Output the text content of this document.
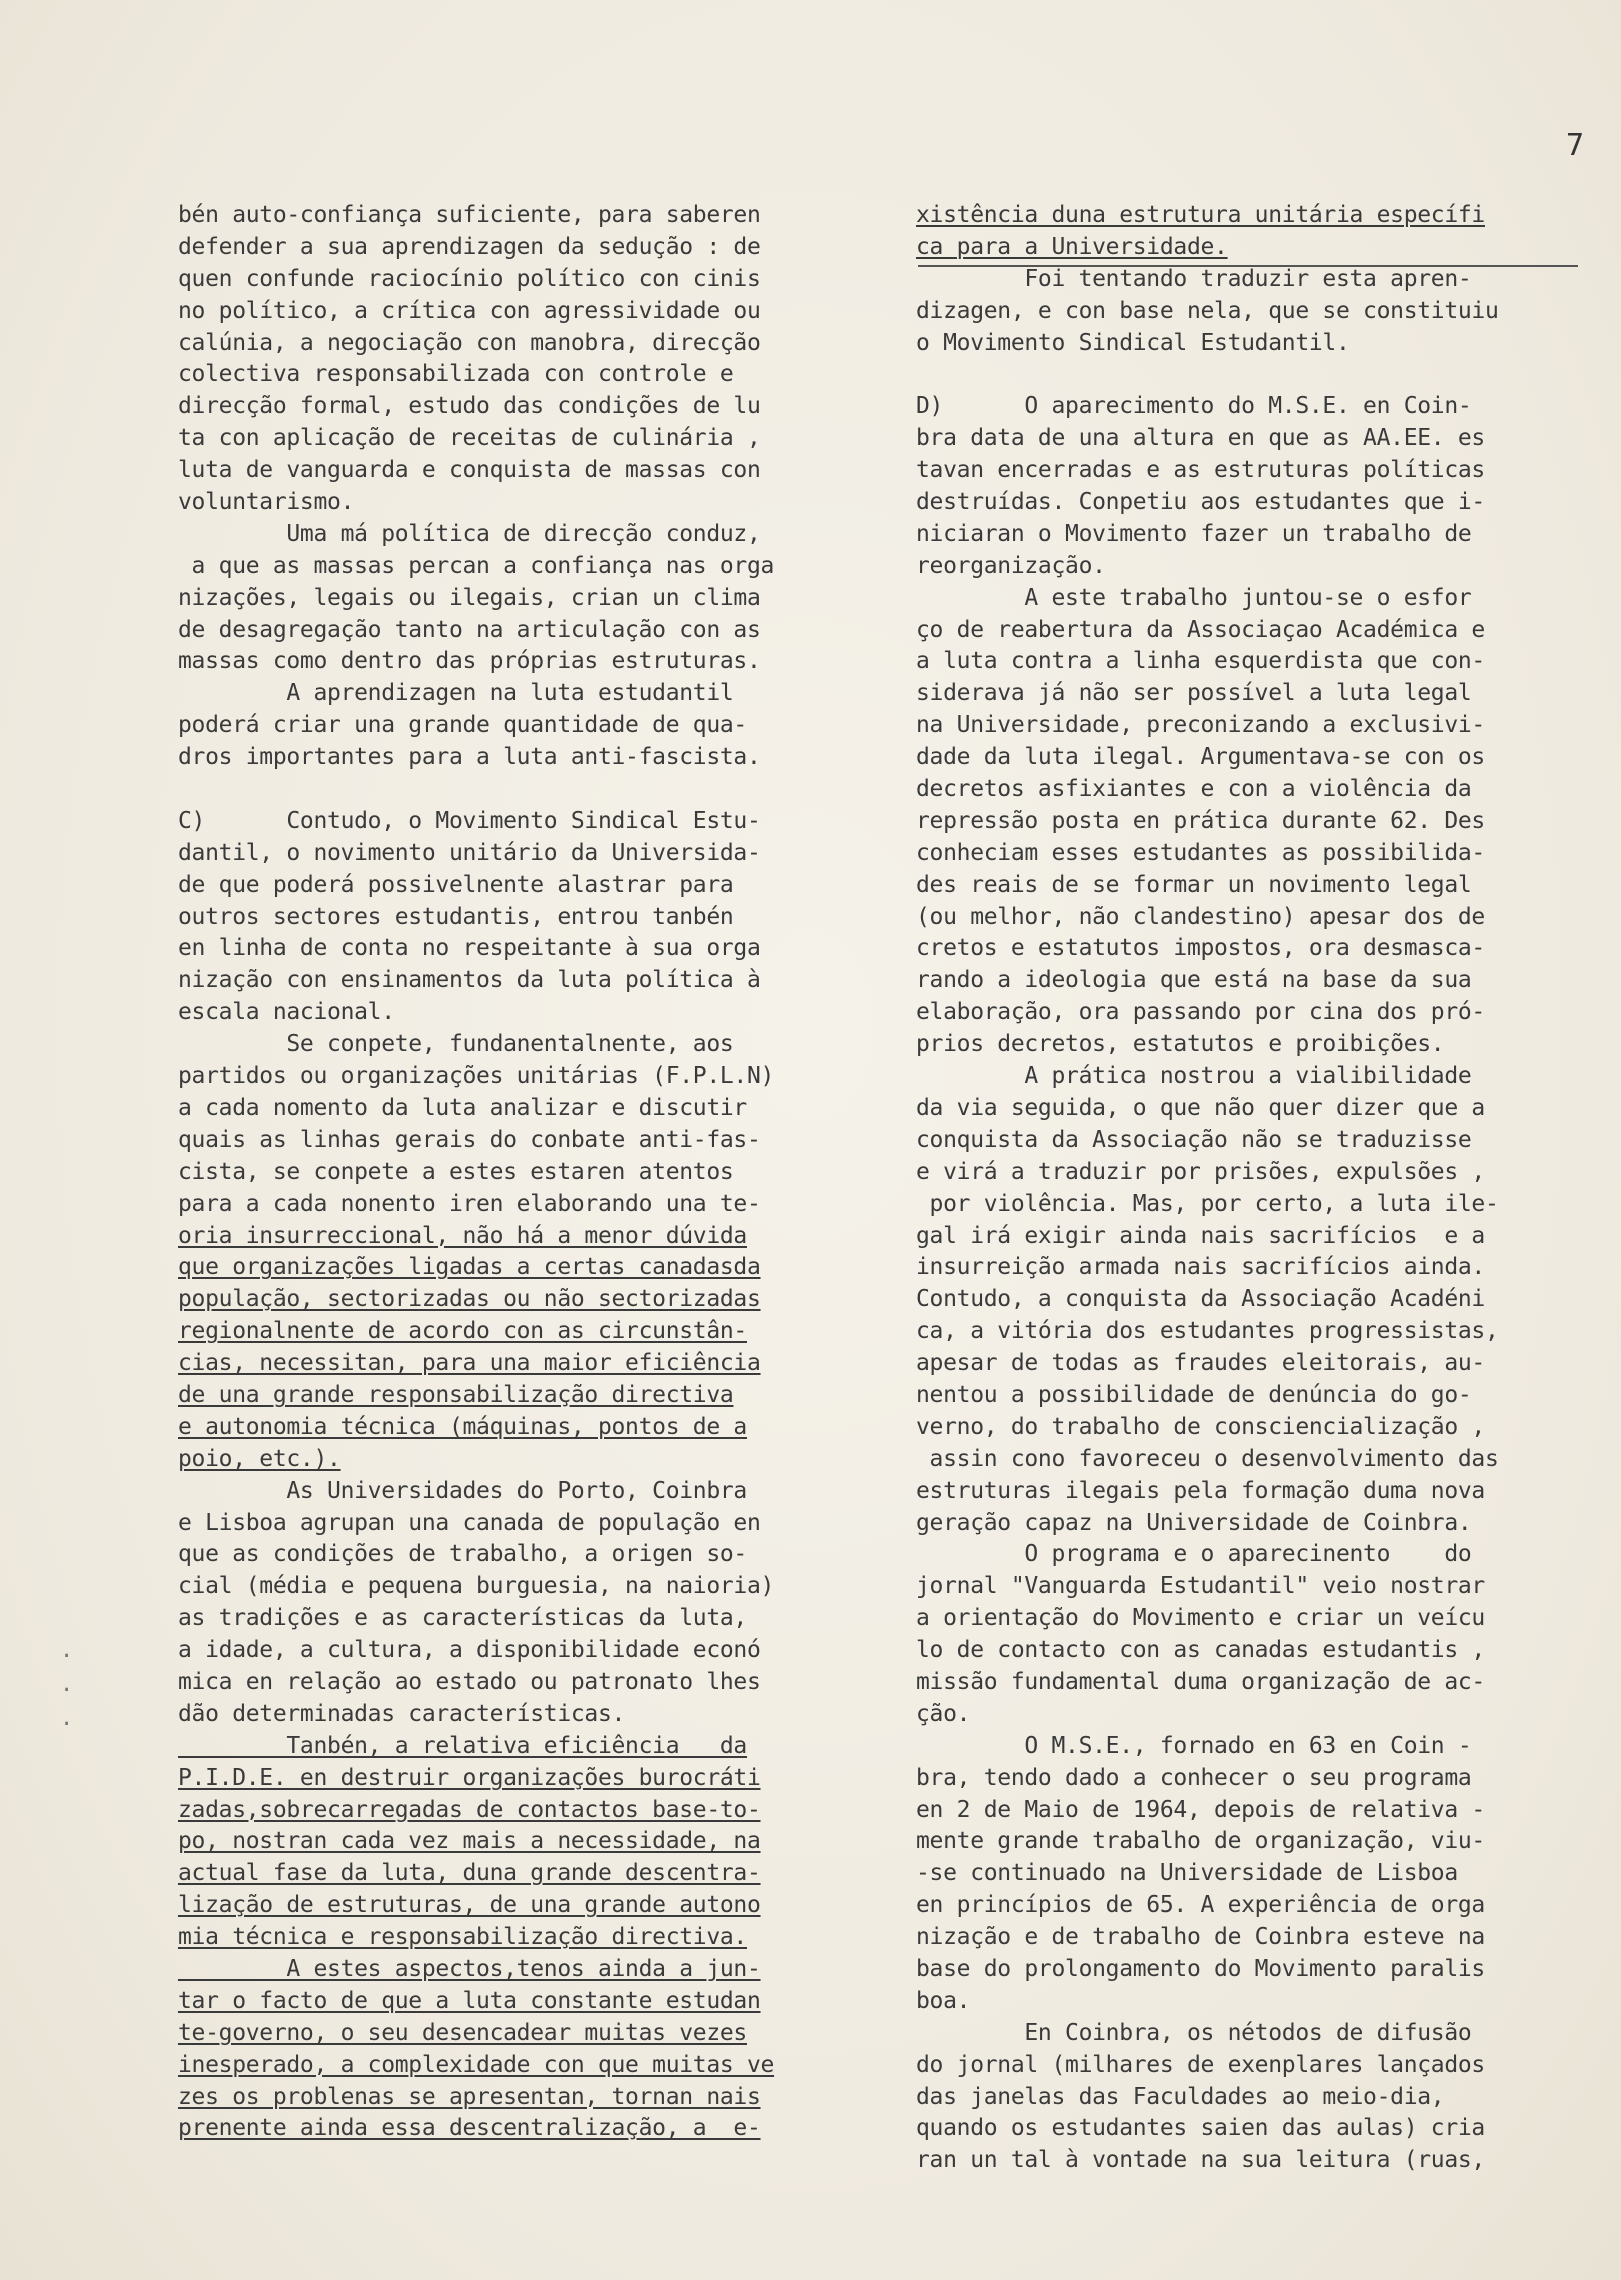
7
bén auto-confiança suficiente, para saberen
defender a sua aprendizagen da sedução : de
quen confunde raciocínio político con cinis
no político, a crítica con agressividade ou
calúnia, a negociação con manobra, direcção
colectiva responsabilizada con controle e
direcção formal, estudo das condições de lu
ta con aplicação de receitas de culinária ,
luta de vanguarda e conquista de massas con
voluntarismo.
Uma má política de direcção conduz,
a que as massas percan a confiança nas orga
nizações, legais ou ilegais, crian un clima
de desagregação tanto na articulação con as
massas como dentro das próprias estruturas.
A aprendizagen na luta estudantil
poderá criar una grande quantidade de qua-
dros importantes para a luta anti-fascista.
C)      Contudo, o Movimento Sindical Estu-
dantil, o novimento unitário da Universida-
de que poderá possivelnente alastrar para
outros sectores estudantis, entrou tanbén
en linha de conta no respeitante à sua orga
nização con ensinamentos da luta política à
escala nacional.
Se conpete, fundanentalnente, aos
partidos ou organizações unitárias (F.P.L.N)
a cada nomento da luta analizar e discutir
quais as linhas gerais do conbate anti-fas-
cista, se conpete a estes estaren atentos
para a cada nonento iren elaborando una te-
oria insurreccional, não há a menor dúvida
que organizações ligadas a certas canadasda
população, sectorizadas ou não sectorizadas
regionalnente de acordo con as circunstân-
cias, necessitan, para una maior eficiência
de una grande responsabilização directiva
e autonomia técnica (máquinas, pontos de a
poio, etc.).
As Universidades do Porto, Coinbra
e Lisboa agrupan una canada de população en
que as condições de trabalho, a origen so-
cial (média e pequena burguesia, na naioria)
as tradições e as características da luta,
a idade, a cultura, a disponibilidade econó
mica en relação ao estado ou patronato lhes
dão determinadas características.
Tanbén, a relativa eficiência   da
P.I.D.E. en destruir organizações burocráti
zadas,sobrecarregadas de contactos base-to-
po, nostran cada vez mais a necessidade, na
actual fase da luta, duna grande descentra-
lização de estruturas, de una grande autono
mia técnica e responsabilização directiva.
A estes aspectos,tenos ainda a jun-
tar o facto de que a luta constante estudan
te-governo, o seu desencadear muitas vezes
inesperado, a complexidade con que muitas ve
zes os problenas se apresentan, tornan nais
prenente ainda essa descentralização, a  e-
xistência duna estrutura unitária específi
ca para a Universidade.
Foi tentando traduzir esta apren-
dizagen, e con base nela, que se constituiu
o Movimento Sindical Estudantil.
D)      O aparecimento do M.S.E. en Coin-
bra data de una altura en que as AA.EE. es
tavan encerradas e as estruturas políticas
destruídas. Conpetiu aos estudantes que i-
niciaran o Movimento fazer un trabalho de
reorganização.
A este trabalho juntou-se o esfor
ço de reabertura da Associaçao Académica e
a luta contra a linha esquerdista que con-
siderava já não ser possível a luta legal
na Universidade, preconizando a exclusivi-
dade da luta ilegal. Argumentava-se con os
decretos asfixiantes e con a violência da
repressão posta en prática durante 62. Des
conheciam esses estudantes as possibilida-
des reais de se formar un novimento legal
(ou melhor, não clandestino) apesar dos de
cretos e estatutos impostos, ora desmasca-
rando a ideologia que está na base da sua
elaboração, ora passando por cina dos pró-
prios decretos, estatutos e proibições.
A prática nostrou a vialibilidade
da via seguida, o que não quer dizer que a
conquista da Associação não se traduzisse
e virá a traduzir por prisões, expulsões ,
por violência. Mas, por certo, a luta ile-
gal irá exigir ainda nais sacrifícios  e a
insurreição armada nais sacrifícios ainda.
Contudo, a conquista da Associação Acadéni
ca, a vitória dos estudantes progressistas,
apesar de todas as fraudes eleitorais, au-
nentou a possibilidade de denúncia do go-
verno, do trabalho de consciencialização ,
assin cono favoreceu o desenvolvimento das
estruturas ilegais pela formação duma nova
geração capaz na Universidade de Coinbra.
O programa e o aparecinento    do
jornal "Vanguarda Estudantil" veio nostrar
a orientação do Movimento e criar un veícu
lo de contacto con as canadas estudantis ,
missão fundamental duma organização de ac-
ção.
O M.S.E., fornado en 63 en Coin -
bra, tendo dado a conhecer o seu programa
en 2 de Maio de 1964, depois de relativa -
mente grande trabalho de organização, viu-
-se continuado na Universidade de Lisboa
en princípios de 65. A experiência de orga
nização e de trabalho de Coinbra esteve na
base do prolongamento do Movimento paralis
boa.
En Coinbra, os nétodos de difusão
do jornal (milhares de exenplares lançados
das janelas das Faculdades ao meio-dia,
quando os estudantes saien das aulas) cria
ran un tal à vontade na sua leitura (ruas,
·
·
·
